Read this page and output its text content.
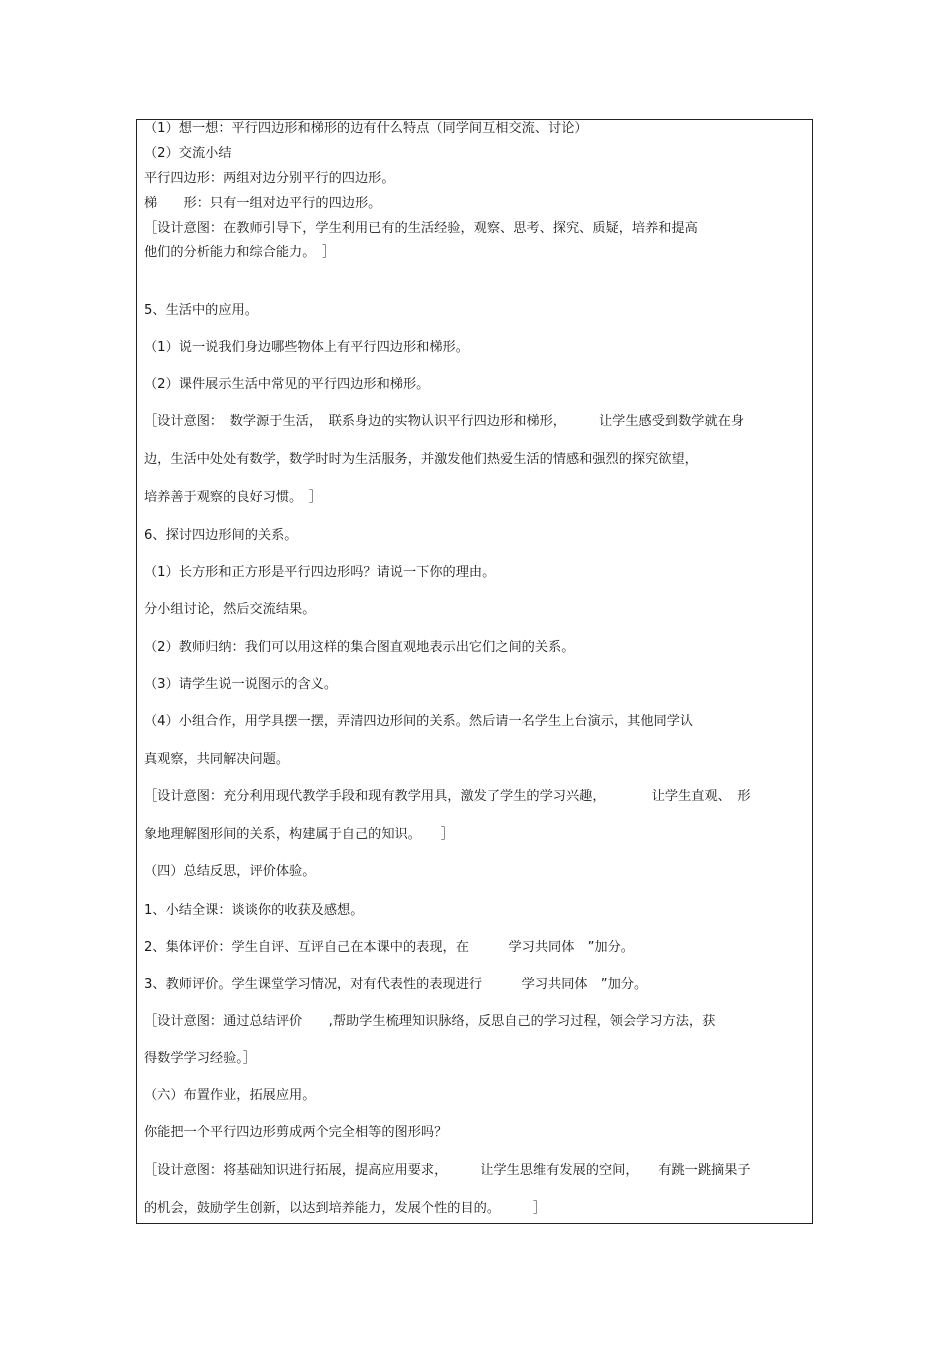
（1）想一想：平行四边形和梯形的边有什么特点（同学间互相交流、讨论）
（2）交流小结
平行四边形：两组对边分别平行的四边形。
梯　　形：只有一组对边平行的四边形。
［设计意图：在教师引导下，学生利用已有的生活经验，观察、思考、探究、质疑，培养和提高
他们的分析能力和综合能力。　］
5、生活中的应用。
（1）说一说我们身边哪些物体上有平行四边形和梯形。
（2）课件展示生活中常见的平行四边形和梯形。
［设计意图：　数学源于生活，　联系身边的实物认识平行四边形和梯形，　　　让学生感受到数学就在身
边，生活中处处有数学，数学时时为生活服务，并激发他们热爱生活的情感和强烈的探究欲望，
培养善于观察的良好习惯。　］
6、探讨四边形间的关系。
（1）长方形和正方形是平行四边形吗？请说一下你的理由。
分小组讨论，然后交流结果。
（2）教师归纳：我们可以用这样的集合图直观地表示出它们之间的关系。
（3）请学生说一说图示的含义。
（4）小组合作，用学具摆一摆，弄清四边形间的关系。然后请一名学生上台演示，其他同学认
真观察，共同解决问题。
［设计意图：充分利用现代教学手段和现有教学用具，激发了学生的学习兴趣，　　　　让学生直观、　形
象地理解图形间的关系，构建属于自己的知识。　　］
（四）总结反思，评价体验。
1、小结全课：谈谈你的收获及感想。
2、集体评价：学生自评、互评自己在本课中的表现，在　　　学习共同体　”加分。
3、教师评价。学生课堂学习情况，对有代表性的表现进行　　　学习共同体　”加分。
［设计意图：通过总结评价　　,帮助学生梳理知识脉络，反思自己的学习过程，领会学习方法，获
得数学学习经验。］
（六）布置作业，拓展应用。
你能把一个平行四边形剪成两个完全相等的图形吗？
［设计意图：将基础知识进行拓展，提高应用要求，　　　让学生思维有发展的空间，　　有跳一跳摘果子
的机会，鼓励学生创新，以达到培养能力，发展个性的目的。　　　］
